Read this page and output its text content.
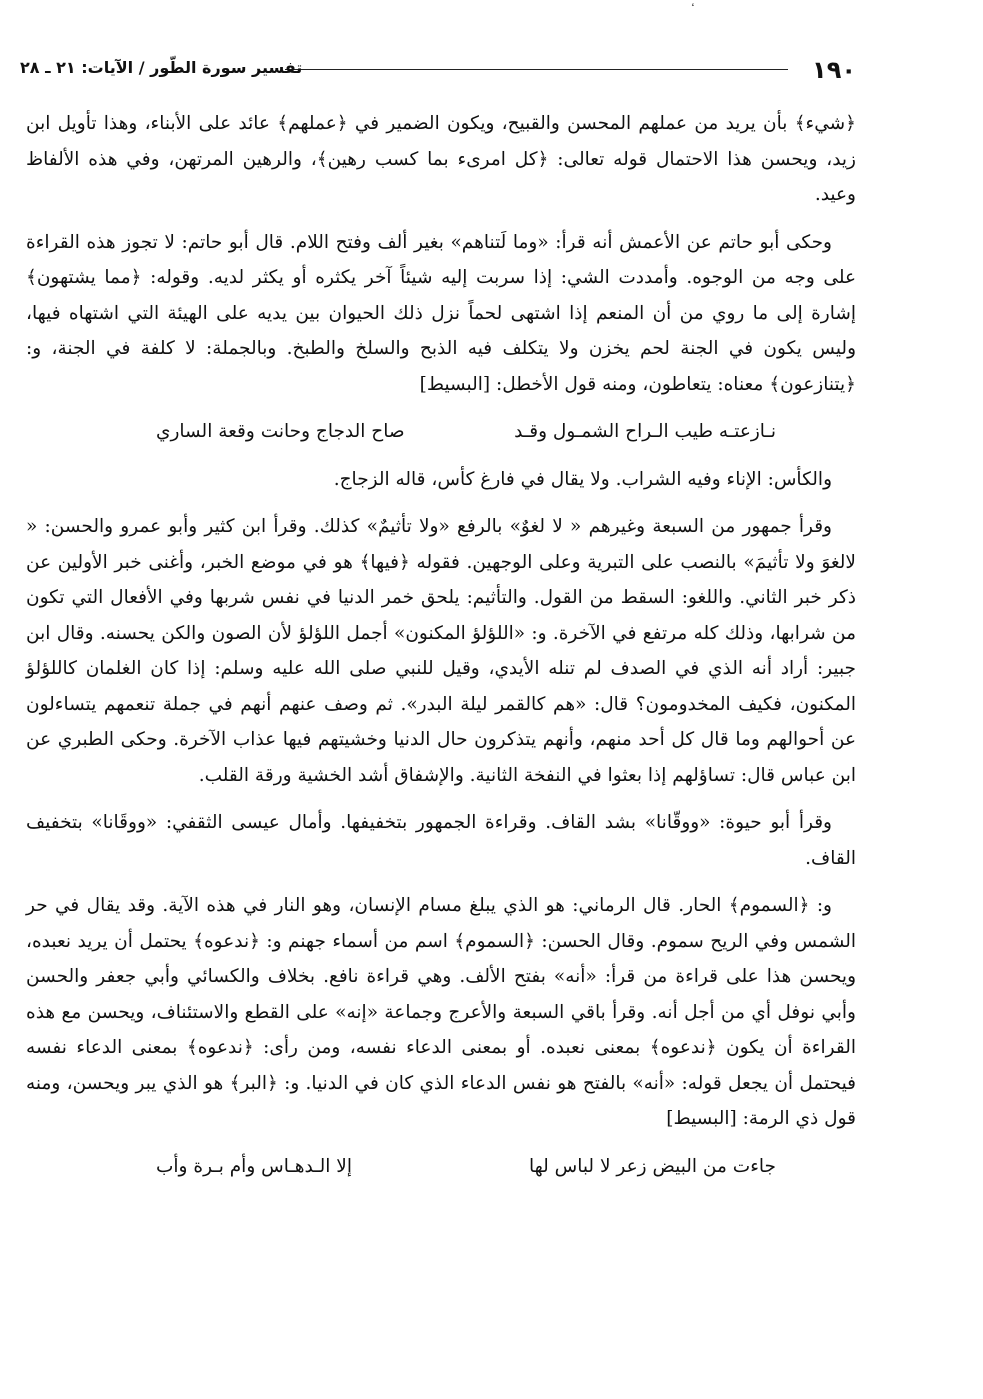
١٩٠
تفسير سورة الطّور / الآيات: ٢١ ـ ٢٨

﴿شيء﴾ بأن يريد من عملهم المحسن والقبيح، ويكون الضمير في ﴿عملهم﴾ عائد على الأبناء، وهذا تأويل ابن زيد، ويحسن هذا الاحتمال قوله تعالى: ﴿كل امرىء بما كسب رهين﴾، والرهين المرتهن، وفي هذه الألفاظ وعيد.

وحكى أبو حاتم عن الأعمش أنه قرأ: «وما لَتناهم» بغير ألف وفتح اللام. قال أبو حاتم: لا تجوز هذه القراءة على وجه من الوجوه. وأمددت الشي: إذا سربت إليه شيئاً آخر يكثره أو يكثر لديه. وقوله: ﴿مما يشتهون﴾ إشارة إلى ما روي من أن المنعم إذا اشتهى لحماً نزل ذلك الحيوان بين يديه على الهيئة التي اشتهاه فيها، وليس يكون في الجنة لحم يخزن ولا يتكلف فيه الذبح والسلخ والطبخ. وبالجملة: لا كلفة في الجنة، و: ﴿يتنازعون﴾ معناه: يتعاطون، ومنه قول الأخطل: [البسيط]

نـازعتـه طيب الـراح الشمـول وقـد
صاح الدجاج وحانت وقعة الساري

والكأس: الإناء وفيه الشراب. ولا يقال في فارغ كأس، قاله الزجاج.

وقرأ جمهور من السبعة وغيرهم « لا لغوٌ» بالرفع «ولا تأثيمٌ» كذلك. وقرأ ابن كثير وأبو عمرو والحسن: « لالغوَ ولا تأثيمَ» بالنصب على التبرية وعلى الوجهين. فقوله ﴿فيها﴾ هو في موضع الخبر، وأغنى خبر الأولين عن ذكر خبر الثاني. واللغو: السقط من القول. والتأثيم: يلحق خمر الدنيا في نفس شربها وفي الأفعال التي تكون من شرابها، وذلك كله مرتفع في الآخرة. و: «اللؤلؤ المكنون» أجمل اللؤلؤ لأن الصون والكن يحسنه. وقال ابن جبير: أراد أنه الذي في الصدف لم تنله الأيدي، وقيل للنبي صلى الله عليه وسلم: إذا كان الغلمان كاللؤلؤ المكنون، فكيف المخدومون؟ قال: «هم كالقمر ليلة البدر». ثم وصف عنهم أنهم في جملة تنعمهم يتساءلون عن أحوالهم وما قال كل أحد منهم، وأنهم يتذكرون حال الدنيا وخشيتهم فيها عذاب الآخرة. وحكى الطبري عن ابن عباس قال: تساؤلهم إذا بعثوا في النفخة الثانية. والإشفاق أشد الخشية ورقة القلب.

وقرأ أبو حيوة: «ووقّانا» بشد القاف. وقراءة الجمهور بتخفيفها. وأمال عيسى الثقفي: «ووقَانا» بتخفيف القاف.

و: ﴿السموم﴾ الحار. قال الرماني: هو الذي يبلغ مسام الإنسان، وهو النار في هذه الآية. وقد يقال في حر الشمس وفي الريح سموم. وقال الحسن: ﴿السموم﴾ اسم من أسماء جهنم و: ﴿ندعوه﴾ يحتمل أن يريد نعبده، ويحسن هذا على قراءة من قرأ: «أنه» بفتح الألف. وهي قراءة نافع. بخلاف والكسائي وأبي جعفر والحسن وأبي نوفل أي من أجل أنه. وقرأ باقي السبعة والأعرج وجماعة «إنه» على القطع والاستئناف، ويحسن مع هذه القراءة أن يكون ﴿ندعوه﴾ بمعنى نعبده. أو بمعنى الدعاء نفسه، ومن رأى: ﴿ندعوه﴾ بمعنى الدعاء نفسه فيحتمل أن يجعل قوله: «أنه» بالفتح هو نفس الدعاء الذي كان في الدنيا. و: ﴿البر﴾ هو الذي يبر ويحسن، ومنه قول ذي الرمة: [البسيط]

جاءت من البيض زعر لا لباس لها
إلا الـدهـاس وأم بـرة وأب
